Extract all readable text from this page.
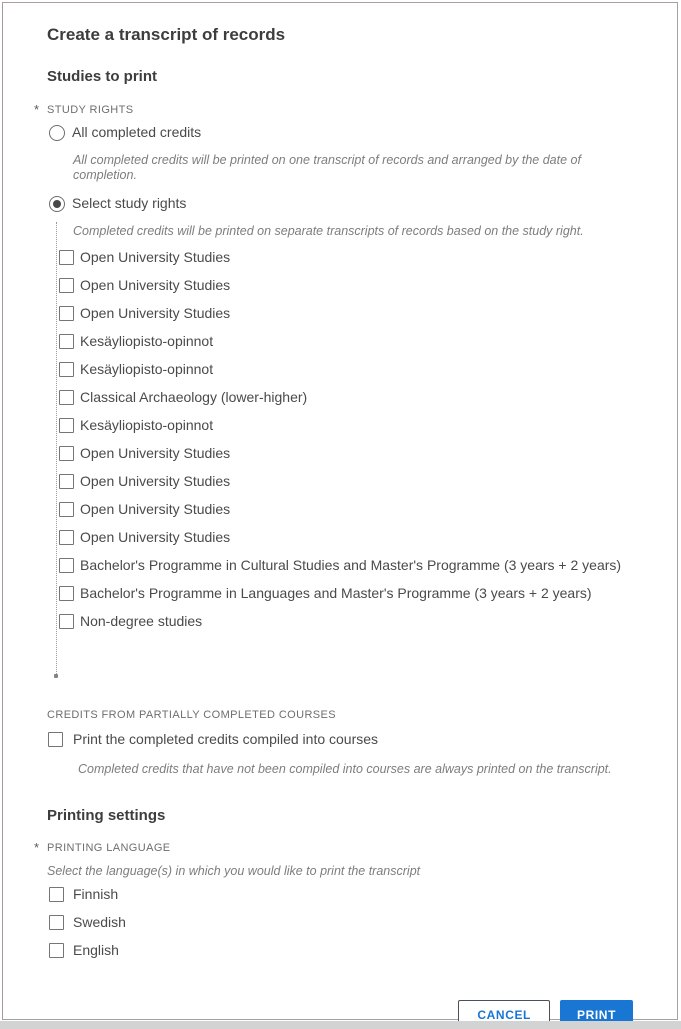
Create a transcript of records
Studies to print
* STUDY RIGHTS
All completed credits
All completed credits will be printed on one transcript of records and arranged by the date of completion.
Select study rights
Completed credits will be printed on separate transcripts of records based on the study right.
Open University Studies
Open University Studies
Open University Studies
Kesäyliopisto-opinnot
Kesäyliopisto-opinnot
Classical Archaeology (lower-higher)
Kesäyliopisto-opinnot
Open University Studies
Open University Studies
Open University Studies
Open University Studies
Bachelor's Programme in Cultural Studies and Master's Programme (3 years + 2 years)
Bachelor's Programme in Languages and Master's Programme (3 years + 2 years)
Non-degree studies
CREDITS FROM PARTIALLY COMPLETED COURSES
Print the completed credits compiled into courses
Completed credits that have not been compiled into courses are always printed on the transcript.
Printing settings
* PRINTING LANGUAGE
Select the language(s) in which you would like to print the transcript
Finnish
Swedish
English
CANCEL	PRINT
